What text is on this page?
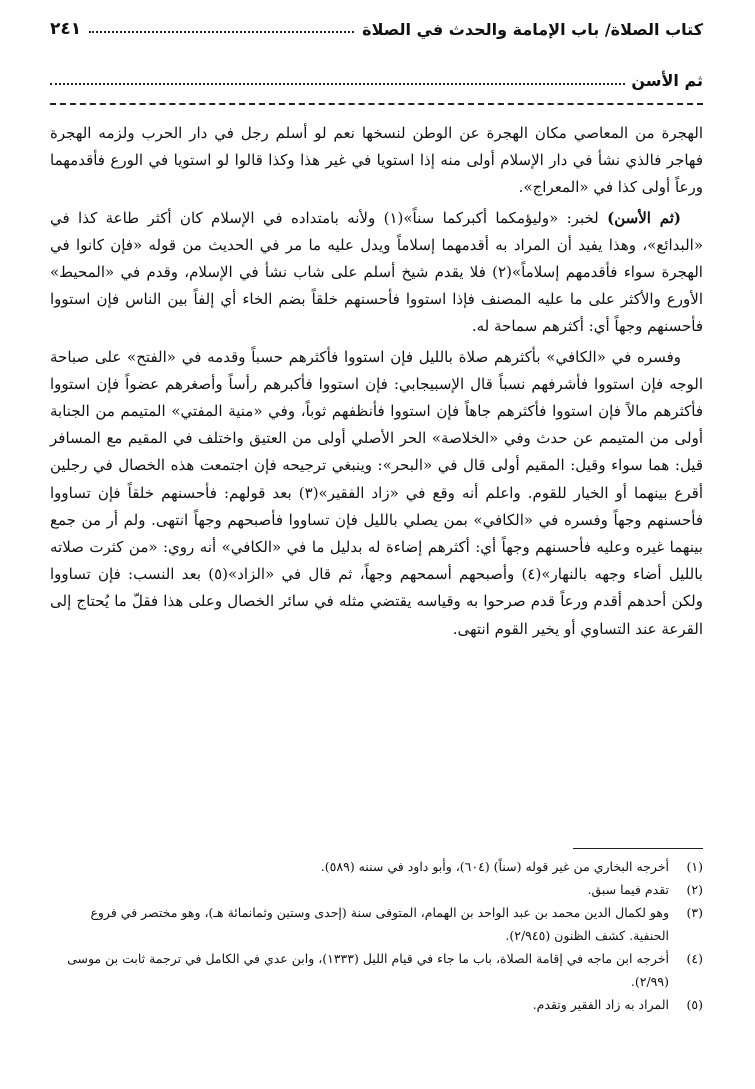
كتاب الصلاة/ باب الإمامة والحدث في الصلاة
٢٤١
ثم الأسن

الهجرة من المعاصي مكان الهجرة عن الوطن لنسخها نعم لو أسلم رجل في دار الحرب ولزمه الهجرة فهاجر فالذي نشأ في دار الإسلام أولى منه إذا استويا في غير هذا وكذا قالوا لو استويا في الورع فأقدمهما ورعاً أولى كذا في «المعراج».

(ثم الأسن) لخبر: «وليؤمكما أكبركما سناً»(١) ولأنه بامتداده في الإسلام كان أكثر طاعة كذا في «البدائع»، وهذا يفيد أن المراد به أقدمهما إسلاماً ويدل عليه ما مر في الحديث من قوله «فإن كانوا في الهجرة سواء فأقدمهم إسلاماً»(٢) فلا يقدم شيخ أسلم على شاب نشأ في الإسلام، وقدم في «المحيط» الأورع والأكثر على ما عليه المصنف فإذا استووا فأحسنهم خلقاً بضم الخاء أي إلفاً بين الناس فإن استووا فأحسنهم وجهاً أي: أكثرهم سماحة له.

وفسره في «الكافي» بأكثرهم صلاة بالليل فإن استووا فأكثرهم حسباً وقدمه في «الفتح» على صباحة الوجه فإن استووا فأشرفهم نسباً قال الإسبيجابي: فإن استووا فأكبرهم رأساً وأصغرهم عضواً فإن استووا فأكثرهم مالاً فإن استووا فأكثرهم جاهاً فإن استووا فأنظفهم ثوباً، وفي «منية المفتي» المتيمم من الجنابة أولى من المتيمم عن حدث وفي «الخلاصة» الحر الأصلي أولى من العتيق واختلف في المقيم مع المسافر قيل: هما سواء وقيل: المقيم أولى قال في «البحر»: وينبغي ترجيحه فإن اجتمعت هذه الخصال في رجلين أقرع بينهما أو الخيار للقوم. واعلم أنه وقع في «زاد الفقير»(٣) بعد قولهم: فأحسنهم خلقاً فإن تساووا فأحسنهم وجهاً وفسره في «الكافي» بمن يصلي بالليل فإن تساووا فأصبحهم وجهاً انتهى. ولم أر من جمع بينهما غيره وعليه فأحسنهم وجهاً أي: أكثرهم إضاءة له بدليل ما في «الكافي» أنه روي: «من كثرت صلاته بالليل أضاء وجهه بالنهار»(٤) وأصبحهم أسمحهم وجهاً، ثم قال في «الزاد»(٥) بعد النسب: فإن تساووا ولكن أحدهم أقدم ورعاً قدم صرحوا به وقياسه يقتضي مثله في سائر الخصال وعلى هذا فقلّ ما يُحتاج إلى القرعة عند التساوي أو يخير القوم انتهى.

(١)
أخرجه البخاري من غير قوله (سناً) (٦٠٤)، وأبو داود في سننه (٥٨٩).
(٢)
تقدم فيما سبق.
(٣)
وهو لكمال الدين محمد بن عبد الواحد بن الهمام، المتوفى سنة (إحدى وستين وثمانمائة هـ)، وهو مختصر في فروع الحنفية. كشف الظنون (٢/٩٤٥).
(٤)
أخرجه ابن ماجه في إقامة الصلاة، باب ما جاء في قيام الليل (١٣٣٣)، وابن عدي في الكامل في ترجمة ثابت بن موسى (٢/٩٩).
(٥)
المراد به زاد الفقير وتقدم.
